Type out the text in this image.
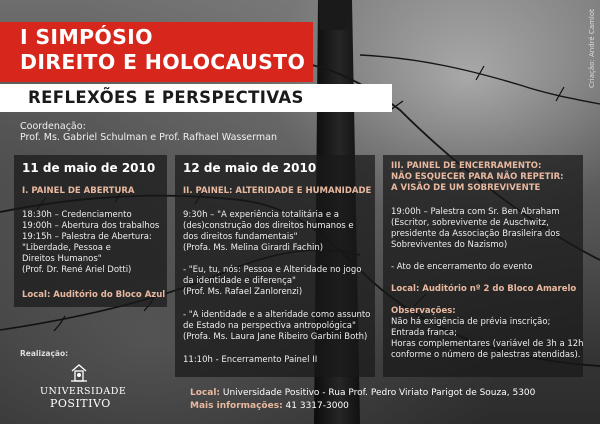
I SIMPÓSIO
DIREITO E HOLOCAUSTO
REFLEXÕES E PERSPECTIVAS
Coordenação:
Prof. Ms. Gabriel Schulman e Prof. Rafhael Wasserman
Criação: André Camlot
11 de maio de 2010
I. PAINEL DE ABERTURA
18:30h – Credenciamento
19:00h – Abertura dos trabalhos
19:15h – Palestra de Abertura:
"Liberdade, Pessoa e
Direitos Humanos"
(Prof. Dr. René Ariel Dotti)
Local: Auditório do Bloco Azul
12 de maio de 2010
II. PAINEL: ALTERIDADE E HUMANIDADE
9:30h – "A experiência totalitária e a
(des)construção dos direitos humanos e
dos direitos fundamentais"
(Profa. Ms. Melina Girardi Fachin)
- "Eu, tu, nós: Pessoa e Alteridade no jogo
da identidade e diferença"
(Prof. Ms. Rafael Zanlorenzi)
- "A identidade e a alteridade como assunto
de Estado na perspectiva antropológica"
(Profa. Ms. Laura Jane Ribeiro Garbini Both)
11:10h - Encerramento Painel II
III. PAINEL DE ENCERRAMENTO:
NÃO ESQUECER PARA NÃO REPETIR:
A VISÃO DE UM SOBREVIVENTE
19:00h – Palestra com Sr. Ben Abraham
(Escritor, sobrevivente de Auschwitz,
presidente da Associação Brasileira dos
Sobreviventes do Nazismo)
- Ato de encerramento do evento
Local: Auditório nº 2 do Bloco Amarelo
Observações:
Não há exigência de prévia inscrição;
Entrada franca;
Horas complementares (variável de 3h a 12h
conforme o número de palestras atendidas).
Realização:
UNIVERSIDADE
POSITIVO
Local: Universidade Positivo - Rua Prof. Pedro Viriato Parigot de Souza, 5300
Mais informações: 41 3317-3000
